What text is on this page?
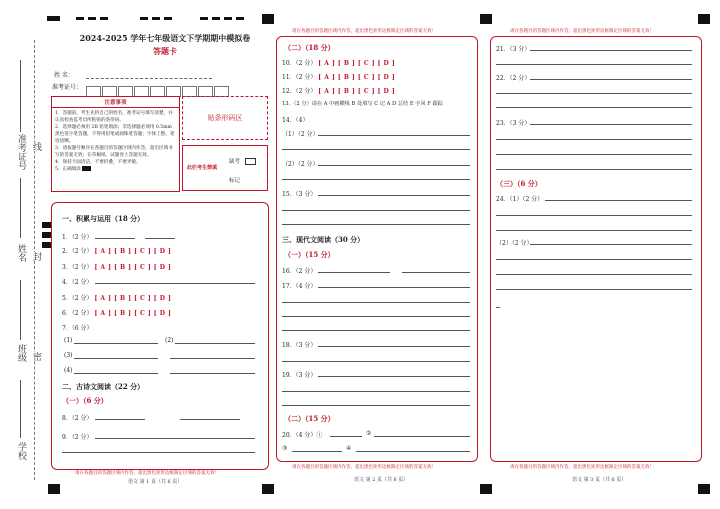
准考证号
姓名
班级
学校
线
封
密
2024-2025 学年七年级语文下学期期中模拟卷
答题卡
姓 名：
准考证号：
注意事项

1．答题前，考生先将自己的姓名，准考证号填写清楚，并认真检查监考员所粘贴的条形码。

2．选择题必须用 2B 铅笔填涂；非选择题必须用 0.5mm 黑色签字笔答题，不得用铅笔或圆珠笔答题；字体工整、笔迹清晰。

3．请按题号顺序在各题目的答题区域内作答，超出区域书写的答案无效；在草稿纸、试题卷上答题无效。

4．保持卡面清洁，不要折叠，不要弄破。

5．正确填涂

贴条形码区
此栏考生禁填
缺考
标记
一、积累与运用（18 分）
1．（2 分）
2．（2 分） [ A ] [ B ] [ C ] [ D ]
3．（2 分） [ A ] [ B ] [ C ] [ D ]
4．（2 分）
5．（2 分） [ A ] [ B ] [ C ] [ D ]
6．（2 分） [ A ] [ B ] [ C ] [ D ]
7．（6 分）
(1)	(2)
(3)
(4)
二、古诗文阅读（22 分）
（一）（6 分）
8．（2 分）
9．（2 分）
请在各题目的答题区域内作答，超出黑色矩形边框限定区域的答案无效！
语文 第 1 页（共 6 页）
请在各题目的答题区域内作答，超出黑色矩形边框限定区域的答案无效！
（二）（18 分）
10．（2 分） [ A ] [ B ] [ C ] [ D ]
11．（2 分） [ A ] [ B ] [ C ] [ D ]
12．（2 分） [ A ] [ B ] [ C ] [ D ]
13．（2 分）请在 A 中画横线 B 处填写 C 记 A D 总结 E 字风 F 跟踪
14．（4）
（1）（2 分）
（2）（2 分）
15．（3 分）
三、现代文阅读（30 分）
（一）（15 分）
16．（2 分）
17．（4 分）
18．（3 分）
19．（3 分）
（二）（15 分）
20．（4 分）①	②
③	④
请在各题目的答题区域内作答，超出黑色矩形边框限定区域的答案无效！
语文 第 2 页（共 6 页）
请在各题目的答题区域内作答，超出黑色矩形边框限定区域的答案无效！
21．（3 分）
22．（2 分）
23．（3 分）
（三）（6 分）
24．（1）（2 分）
（2）（2 分）
请在各题目的答题区域内作答，超出黑色矩形边框限定区域的答案无效！
语文 第 3 页（共 6 页）
